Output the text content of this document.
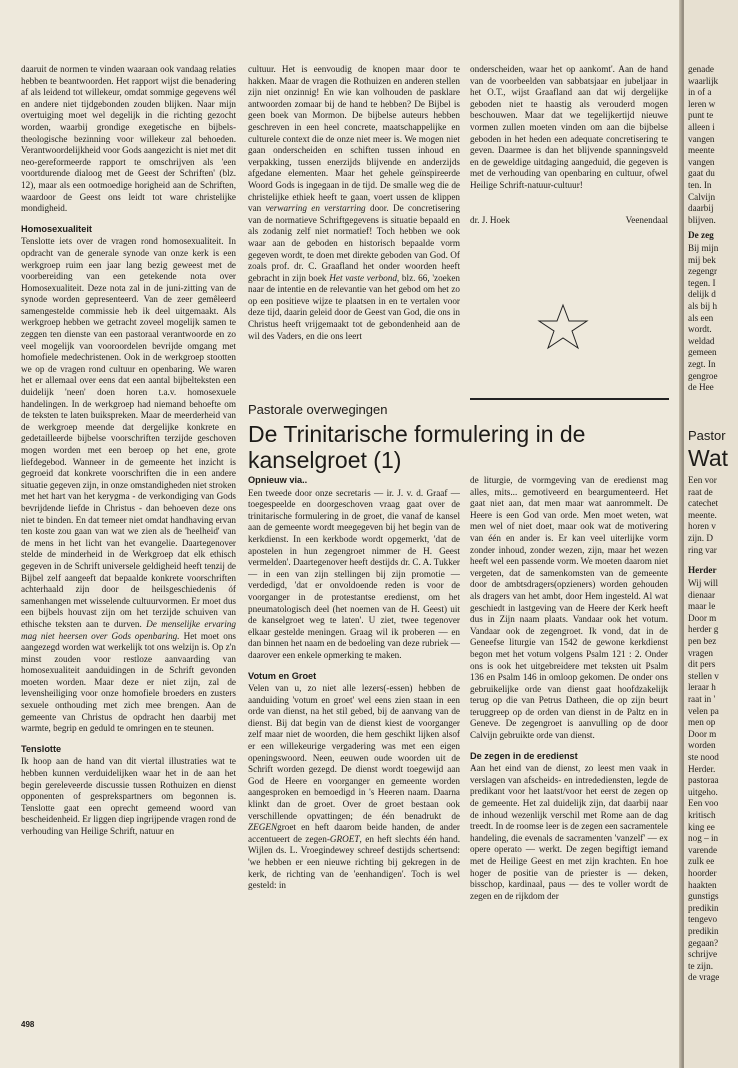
daaruit de normen te vinden waaraan ook vandaag relaties hebben te beantwoorden. Het rapport wijst die benadering af als leidend tot willekeur, omdat sommige gegevens wél en andere niet tijdgebonden zouden blijken. Naar mijn overtuiging moet wel degelijk in die richting gezocht worden, waarbij grondige exegetische en bijbels-theologische bezinning voor willekeur zal behoeden. Verantwoordelijkheid voor Gods aangezicht is niet met dit neo-gereformeerde rapport te omschrijven als 'een voortdurende dialoog met de Geest der Schriften' (blz. 12), maar als een ootmoedige horigheid aan de Schriften, waardoor de Geest ons leidt tot ware christelijke mondigheid.

Homosexualiteit

Tenslotte iets over de vragen rond homosexualiteit. In opdracht van de generale synode van onze kerk is een werkgroep ruim een jaar lang bezig geweest met de voorbereiding van een getekende nota over Homosexualiteit. Deze nota zal in de juni-zitting van de synode worden gepresenteerd. Van de zeer gemêleerd samengestelde commissie heb ik deel uitgemaakt. Als werkgroep hebben we getracht zoveel mogelijk samen te zeggen ten dienste van een pastoraal verantwoorde en zo veel mogelijk van vooroordelen bevrijde omgang met homofiele medechristenen. Ook in de werkgroep stootten we op de vragen rond cultuur en openbaring. We waren het er allemaal over eens dat een aantal bijbelteksten een duidelijk 'neen' doen horen t.a.v. homosexuele handelingen. In de werkgroep had niemand behoefte om de teksten te laten buikspreken. Maar de meerderheid van de werkgroep meende dat dergelijke konkrete en gedetailleerde bijbelse voorschriften terzijde geschoven mogen worden met een beroep op het ene, grote liefdegebod. Wanneer in de gemeente het inzicht is gegroeid dat konkrete voorschriften die in een andere situatie gegeven zijn, in onze omstandigheden niet stroken met het hart van het kerygma - de verkondiging van Gods bevrijdende liefde in Christus - dan behoeven deze ons niet te binden. En dat temeer niet omdat handhaving ervan ten koste zou gaan van wat we zien als de 'heelheid' van de mens in het licht van het evangelie. Daartegenover stelde de minderheid in de Werkgroep dat elk ethisch gegeven in de Schrift universele geldigheid heeft tenzij de Bijbel zelf aangeeft dat bepaalde konkrete voorschriften achterhaald zijn door de heilsgeschiedenis óf samenhangen met wisselende cultuurvormen. Er moet dus een bijbels houvast zijn om het terzijde schuiven van ethische teksten aan te durven. De menselijke ervaring mag niet heersen over Gods openbaring. Het moet ons aangezegd worden wat werkelijk tot ons welzijn is. Op z'n minst zouden voor restloze aanvaarding van homosexualiteit aanduidingen in de Schrift gevonden moeten worden. Maar deze er niet zijn, zal de levensheiliging voor onze homofiele broeders en zusters sexuele onthouding met zich mee brengen. Aan de gemeente van Christus de opdracht hen daarbij met warmte, begrip en geduld te omringen en te steunen.

Tenslotte

Ik hoop aan de hand van dit viertal illustraties wat te hebben kunnen verduidelijken waar het in de aan het begin gereleveerde discussie tussen Rothuizen en dienst opponenten of gesprekspartners om begonnen is. Tenslotte gaat een oprecht gemeend woord van bescheidenheid. Er liggen diep ingrijpende vragen rond de verhouding van Heilige Schrift, natuur en

cultuur. Het is eenvoudig de knopen maar door te hakken. Maar de vragen die Rothuizen en anderen stellen zijn niet onzinnig! En wie kan volhouden de pasklare antwoorden zomaar bij de hand te hebben? De Bijbel is geen boek van Mormon. De bijbelse auteurs hebben geschreven in een heel concrete, maatschappelijke en culturele context die de onze niet meer is. We mogen niet gaan onderscheiden en schiften tussen inhoud en verpakking, tussen enerzijds blijvende en anderzijds afgedane elementen. Maar het gehele geïnspireerde Woord Gods is ingegaan in de tijd. De smalle weg die de christelijke ethiek heeft te gaan, voert ussen de klippen van verwarring en verstarring door. De concretisering van de normatieve Schriftgegevens is situatie bepaald en als zodanig zelf niet normatief! Toch hebben we ook waar aan de geboden en historisch bepaalde vorm gegeven wordt, te doen met direkte geboden van God. Of zoals prof. dr. C. Graafland het onder woorden heeft gebracht in zijn boek Het vaste verbond, blz. 66, 'zoeken naar de intentie en de relevantie van het gebod om het zo op een positieve wijze te plaatsen in en te vertalen voor deze tijd, daarin geleid door de Geest van God, die ons in Christus heeft vrijgemaakt tot de gebondenheid aan de wil des Vaders, en die ons leert

onderscheiden, waar het op aankomt'. Aan de hand van de voorbeelden van sabbatsjaar en jubeljaar in het O.T., wijst Graafland aan dat wij dergelijke geboden niet te haastig als verouderd mogen beschouwen. Maar dat we tegelijkertijd nieuwe vormen zullen moeten vinden om aan die bijbelse geboden in het heden een adequate concretisering te geven. Daarmee is dan het blijvende spanningsveld en de geweldige uitdaging aangeduid, die gegeven is met de verhouding van openbaring en cultuur, ofwel Heilige Schrift-natuur-cultuur!

dr. J. Hoek	Veenendaal
Pastorale overwegingen
De Trinitarische formulering in de kanselgroet (1)
Opnieuw via..

Een tweede door onze secretaris — ir. J. v. d. Graaf — toegespeelde en doorgeschoven vraag gaat over de trinitarische formulering in de groet, die vanaf de kansel aan de gemeente wordt meegegeven bij het begin van de kerkdienst. In een kerkbode wordt opgemerkt, 'dat de apostelen in hun zegengroet nimmer de H. Geest vermelden'. Daartegenover heeft destijds dr. C. A. Tukker — in een van zijn stellingen bij zijn promotie — verdedigd, 'dat er onvoldoende reden is voor de voorganger in de protestantse eredienst, om het pneumatologisch deel (het noemen van de H. Geest) uit de kanselgroet weg te laten'. U ziet, twee tegenover elkaar gestelde meningen. Graag wil ik proberen — en dan binnen het naam en de bedoeling van deze rubriek — daarover een enkele opmerking te maken.

Votum en Groet

Velen van u, zo niet alle lezers(-essen) hebben de aanduiding 'votum en groet' wel eens zien staan in een orde van dienst, na het stil gebed, bij de aanvang van de dienst. Bij dat begin van de dienst kiest de voorganger zelf maar niet de woorden, die hem geschikt lijken alsof er een willekeurige vergadering was met een eigen openingswoord. Neen, eeuwen oude woorden uit de Schrift worden gezegd. De dienst wordt toegewijd aan God de Heere en voorganger en gemeente worden aangesproken en bemoedigd in 's Heeren naam. Daarna klinkt dan de groet. Over de groet bestaan ook verschillende opvattingen; de één benadrukt de ZEGENgroet en heft daarom beide handen, de ander accentueert de zegen-GROET, en heft slechts één hand. Wijlen ds. L. Vroegindewey schreef destijds schertsend: 'we hebben er een nieuwe richting bij gekregen in de kerk, de richting van de 'eenhandigen'. Toch is wel gesteld: in

de liturgie, de vormgeving van de eredienst mag alles, mits... gemotiveerd en beargumenteerd. Het gaat niet aan, dat men maar wat aanrommelt. De Heere is een God van orde. Men moet weten, wat men wel of niet doet, maar ook wat de motivering van één en ander is. Er kan veel uiterlijke vorm zonder inhoud, zonder wezen, zijn, maar het wezen heeft wel een passende vorm. We moeten daarom niet vergeten, dat de samenkomsten van de gemeente door de ambtsdragers(opzieners) worden gehouden als dragers van het ambt, door Hem ingesteld. Al wat geschiedt in lastgeving van de Heere der Kerk heeft dus in Zijn naam plaats. Vandaar ook het votum. Vandaar ook de zegengroet. Ik vond, dat in de Geneefse liturgie van 1542 de gewone kerkdienst begon met het votum volgens Psalm 121 : 2. Onder ons is ook het uitgebreidere met teksten uit Psalm 136 en Psalm 146 in omloop gekomen. De onder ons gebruikelijke orde van dienst gaat hoofdzakelijk terug op die van Petrus Datheen, die op zijn beurt teruggreep op de orden van dienst in de Paltz en in Geneve. De zegengroet is aanvulling op de door Calvijn gebruikte orde van dienst.

De zegen in de eredienst

Aan het eind van de dienst, zo leest men vaak in verslagen van afscheids- en intredediensten, legde de predikant voor het laatst/voor het eerst de zegen op de gemeente. Het zal duidelijk zijn, dat daarbij naar de inhoud wezenlijk verschil met Rome aan de dag treedt. In de roomse leer is de zegen een sacramentele handeling, die evenals de sacramenten 'vanzelf' — ex opere operato — werkt. De zegen begiftigt iemand met de Heilige Geest en met zijn krachten. En hoe hoger de positie van de priester is — deken, bisschop, kardinaal, paus — des te voller wordt de zegen en de rijkdom der

498
genade
waarlijk
in of a
leren w
punt te
alleen i
vangen
meente
vangen
gaat du
ten. In
Calvijn
daarbij
blijven.
De zeg
Bij mijn
mij bek
zegengr
tegen. I
delijk d
als bij h
als een
wordt.
weldad
gemeen
zegt. In
gengroe
de Hee
Pastor
Wat
Een vor
raat de
catechet
meente.
horen v
zijn. D
ring var
Herder
Wij will
dienaar
maar le
Door m
herder g
pen bez
vragen
dit pers
stellen v
leraar h
raat in '
velen pa
men op
Door m
worden
ste nood
Herder.
pastoraa
uitgeho.
Een voo
kritisch
king ee
nog – in
varende
zulk ee
hoorder
haakten
gunstigs
predikin
tengevo
predikin
gegaan?
schrijve
te zijn.
de vrage
